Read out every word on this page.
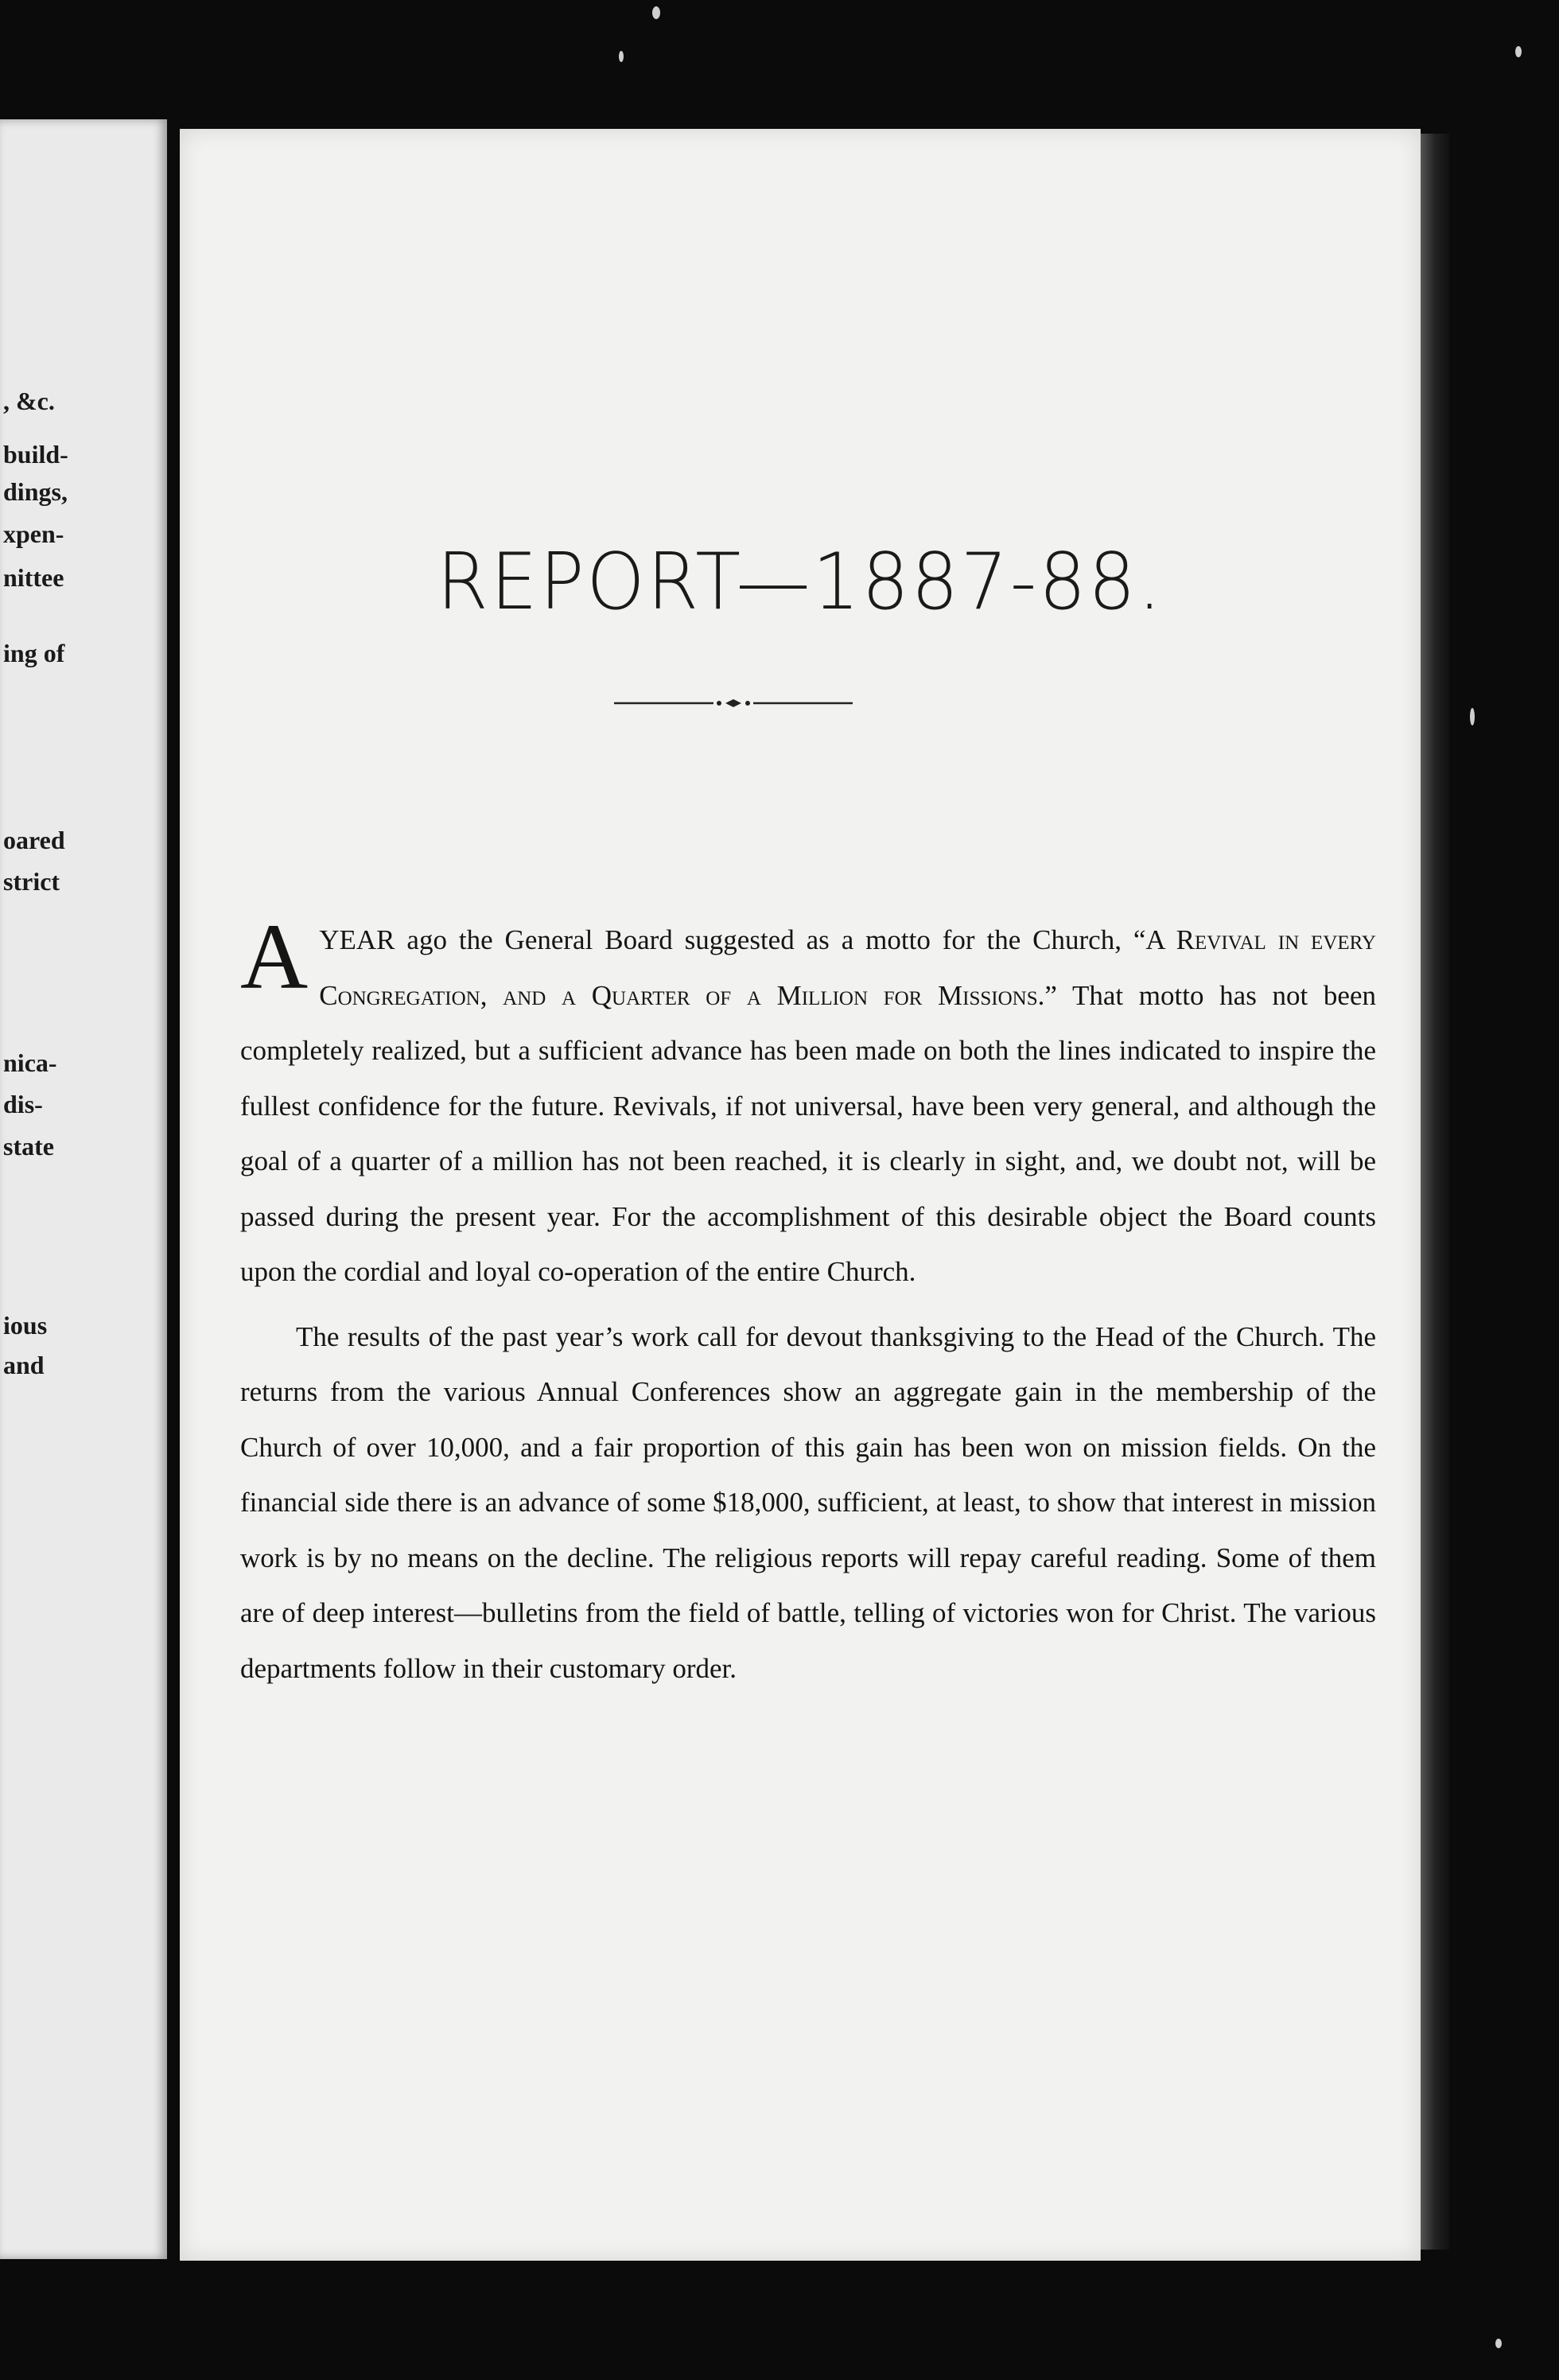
, &c.
build-
dings,
xpen-
nittee
ing of
oared
strict
nica-
dis-
state
ious
and
REPORT—1887-88.

AYEAR ago the General Board suggested as a motto for the Church, “A Revival in every Congregation, and a Quarter of a Million for Missions.” That motto has not been completely realized, but a sufficient advance has been made on both the lines indicated to inspire the fullest confidence for the future. Revivals, if not universal, have been very general, and although the goal of a quarter of a million has not been reached, it is clearly in sight, and, we doubt not, will be passed during the present year. For the accomplishment of this desirable object the Board counts upon the cordial and loyal co-operation of the entire Church.

The results of the past year’s work call for devout thanksgiving to the Head of the Church. The returns from the various Annual Conferences show an aggregate gain in the membership of the Church of over 10,000, and a fair proportion of this gain has been won on mission fields. On the financial side there is an advance of some $18,000, sufficient, at least, to show that interest in mission work is by no means on the decline. The religious reports will repay careful reading. Some of them are of deep interest—bulletins from the field of battle, telling of victories won for Christ. The various departments follow in their customary order.
